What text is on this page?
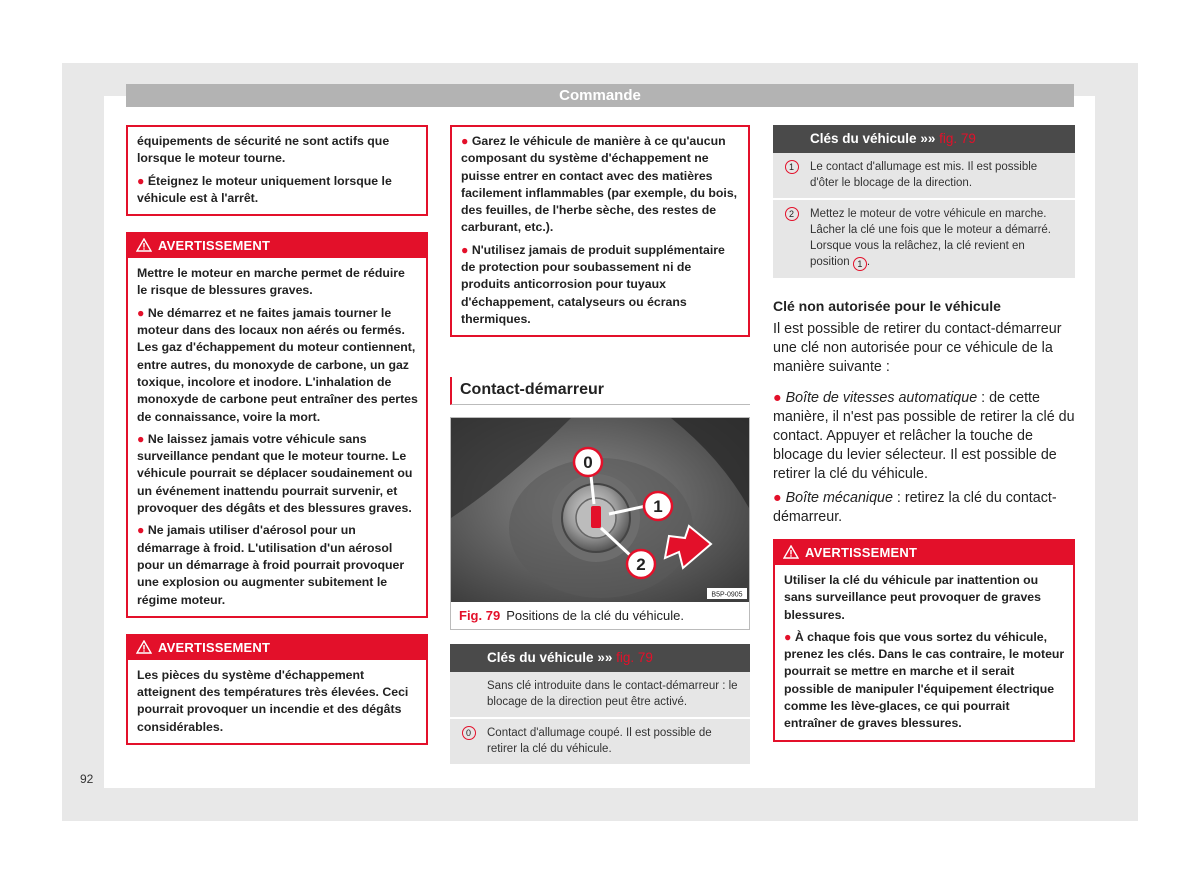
Commande

équipements de sécurité ne sont actifs que lorsque le moteur tourne.

● Éteignez le moteur uniquement lorsque le véhicule est à l'arrêt.

AVERTISSEMENT

Mettre le moteur en marche permet de réduire le risque de blessures graves.

● Ne démarrez et ne faites jamais tourner le moteur dans des locaux non aérés ou fermés. Les gaz d'échappement du moteur contiennent, entre autres, du monoxyde de carbone, un gaz toxique, incolore et inodore. L'inhalation de monoxyde de carbone peut entraîner des pertes de connaissance, voire la mort.

● Ne laissez jamais votre véhicule sans surveillance pendant que le moteur tourne. Le véhicule pourrait se déplacer soudainement ou un événement inattendu pourrait survenir, et provoquer des dégâts et des blessures graves.

● Ne jamais utiliser d'aérosol pour un démarrage à froid. L'utilisation d'un aérosol pour un démarrage à froid pourrait provoquer une explosion ou augmenter subitement le régime moteur.

AVERTISSEMENT

Les pièces du système d'échappement atteignent des températures très élevées. Ceci pourrait provoquer un incendie et des dégâts considérables.

● Garez le véhicule de manière à ce qu'aucun composant du système d'échappement ne puisse entrer en contact avec des matières facilement inflammables (par exemple, du bois, des feuilles, de l'herbe sèche, des restes de carburant, etc.).

● N'utilisez jamais de produit supplémentaire de protection pour soubassement ni de produits anticorrosion pour tuyaux d'échappement, catalyseurs ou écrans thermiques.

Contact-démarreur
0
1
2
B5P-0905
Fig. 79 Positions de la clé du véhicule.
Clés du véhicule »» fig. 79
Sans clé introduite dans le contact-démarreur : le blocage de la direction peut être activé.
0	Contact d'allumage coupé. Il est possible de retirer la clé du véhicule.
Clés du véhicule »» fig. 79
1	Le contact d'allumage est mis. Il est possible d'ôter le blocage de la direction.
2	Mettez le moteur de votre véhicule en marche. Lâcher la clé une fois que le moteur a démarré. Lorsque vous la relâchez, la clé revient en position 1 .
Clé non autorisée pour le véhicule

Il est possible de retirer du contact-démarreur une clé non autorisée pour ce véhicule de la manière suivante :

● Boîte de vitesses automatique : de cette manière, il n'est pas possible de retirer la clé du contact. Appuyer et relâcher la touche de blocage du levier sélecteur. Il est possible de retirer la clé du véhicule.

● Boîte mécanique : retirez la clé du contact-démarreur.

AVERTISSEMENT

Utiliser la clé du véhicule par inattention ou sans surveillance peut provoquer de graves blessures.

● À chaque fois que vous sortez du véhicule, prenez les clés. Dans le cas contraire, le moteur pourrait se mettre en marche et il serait possible de manipuler l'équipement électrique comme les lève-glaces, ce qui pourrait entraîner de graves blessures.

92
